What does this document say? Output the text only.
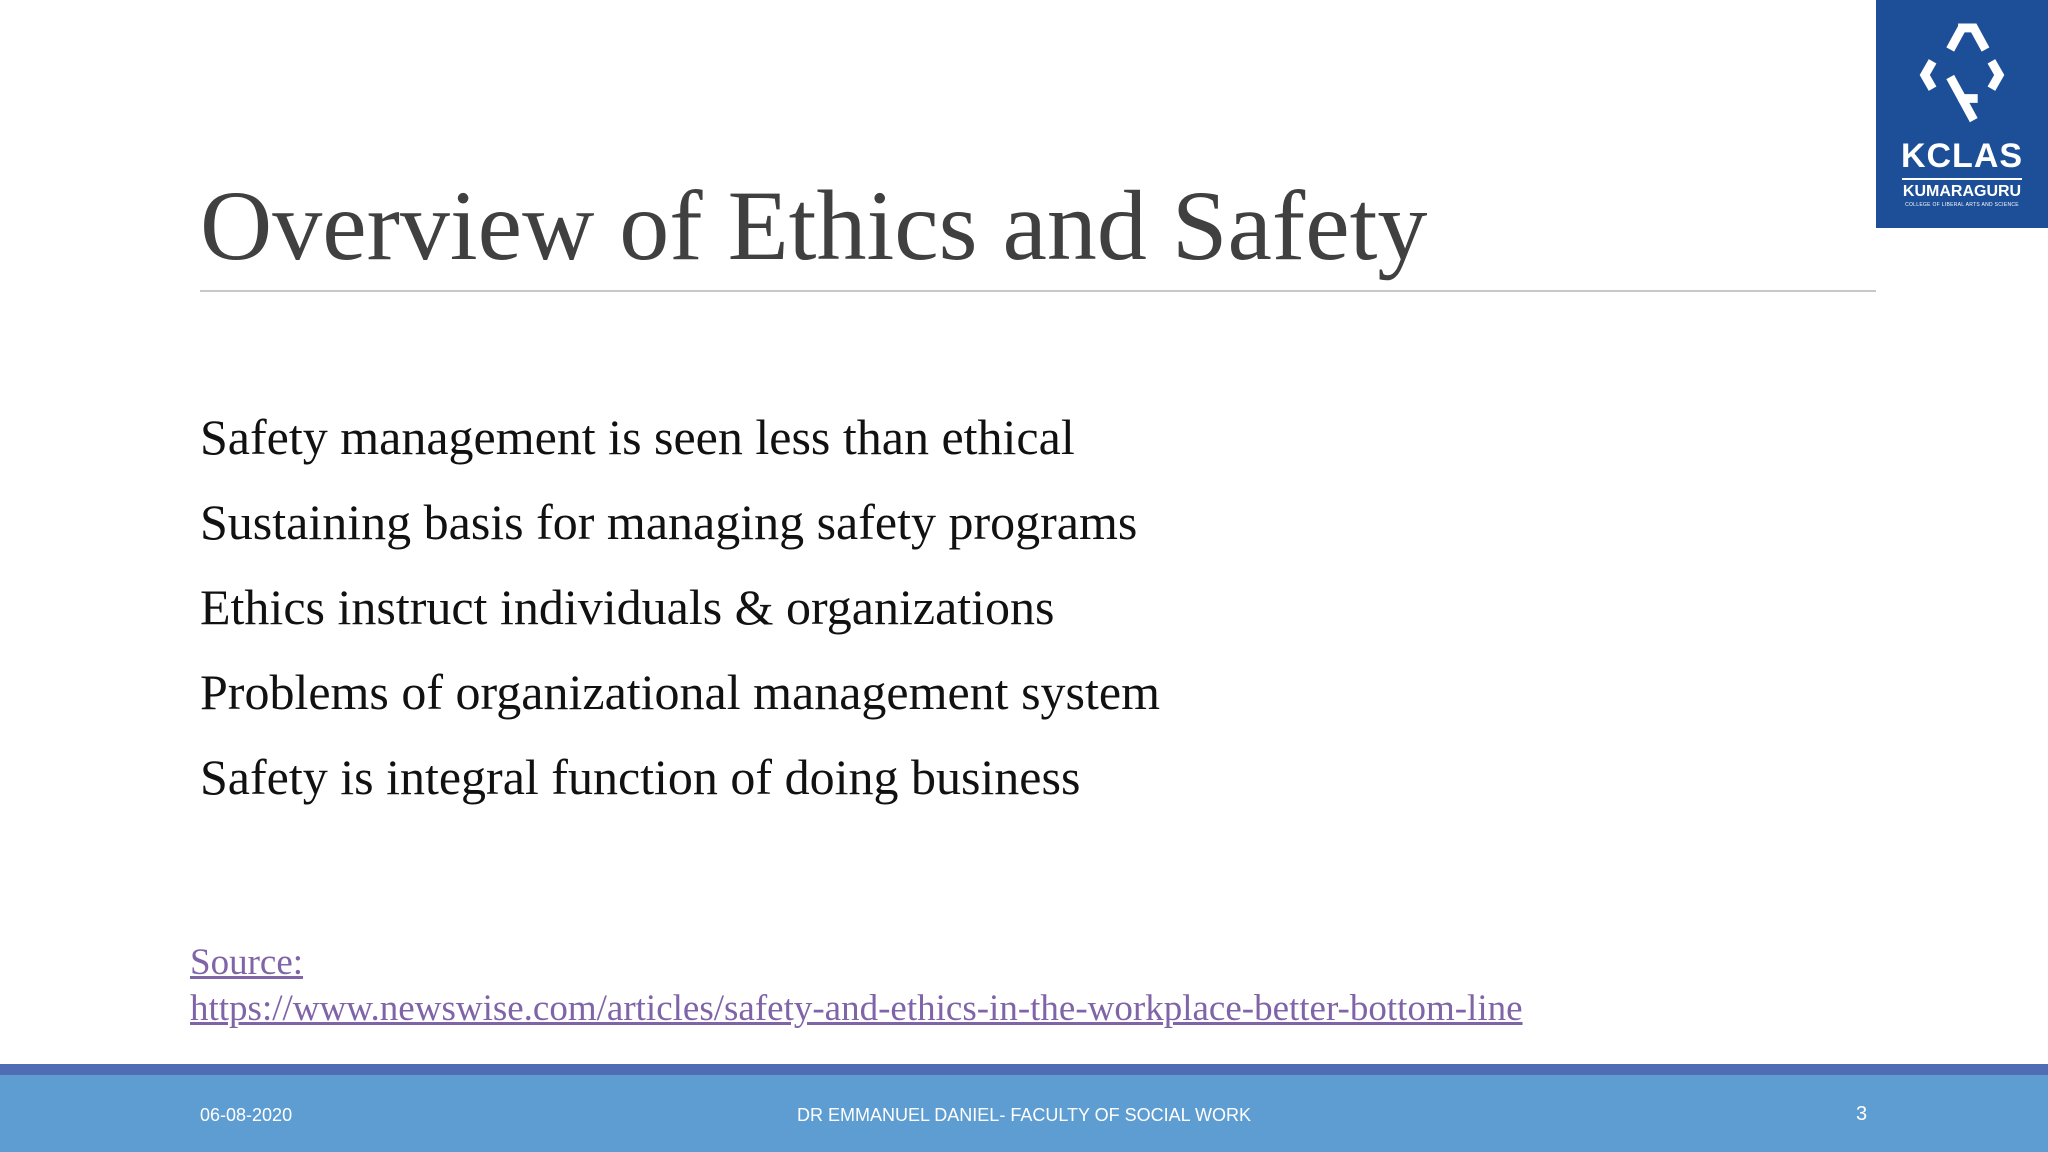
KCLAS
KUMARAGURU
COLLEGE OF LIBERAL ARTS AND SCIENCE
Overview of Ethics and Safety
Safety management is seen less than ethical
Sustaining basis for managing safety programs
Ethics instruct individuals & organizations
Problems of organizational management system
Safety is integral function of doing business
Source:
https://www.newswise.com/articles/safety-and-ethics-in-the-workplace-better-bottom-line
06-08-2020	DR EMMANUEL DANIEL- FACULTY OF SOCIAL WORK	3
